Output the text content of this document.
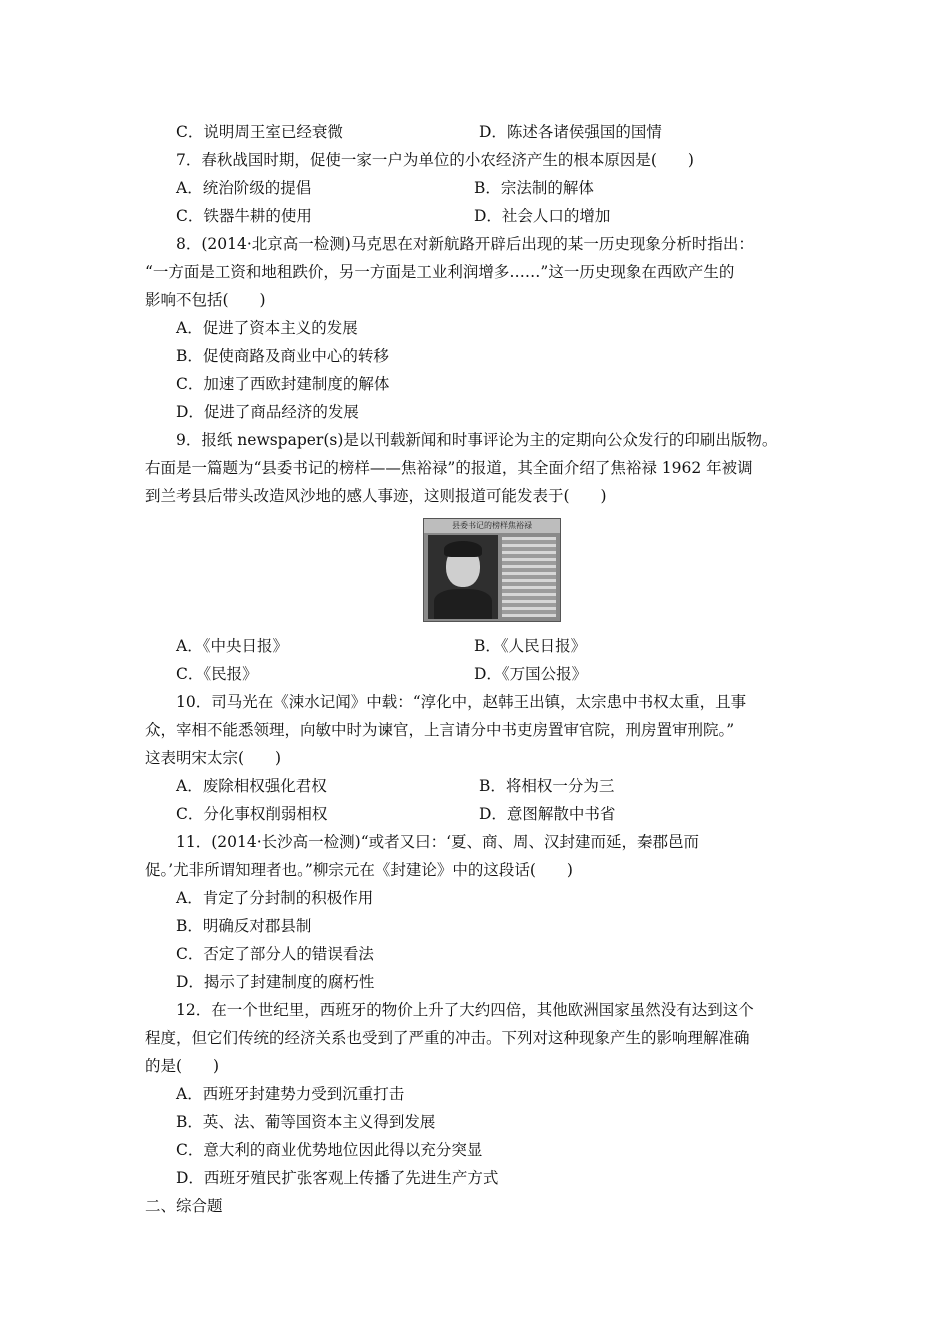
C．说明周王室已经衰微	D．陈述各诸侯强国的国情
7．春秋战国时期，促使一家一户为单位的小农经济产生的根本原因是(　　)
A．统治阶级的提倡	B．宗法制的解体
C．铁器牛耕的使用	D．社会人口的增加
8．(2014·北京高一检测)马克思在对新航路开辟后出现的某一历史现象分析时指出：
“一方面是工资和地租跌价，另一方面是工业利润增多……”这一历史现象在西欧产生的
影响不包括(　　)
A．促进了资本主义的发展
B．促使商路及商业中心的转移
C．加速了西欧封建制度的解体
D．促进了商品经济的发展
9．报纸 newspaper(s)是以刊载新闻和时事评论为主的定期向公众发行的印刷出版物。
右面是一篇题为“县委书记的榜样——焦裕禄”的报道，其全面介绍了焦裕禄 1962 年被调
到兰考县后带头改造风沙地的感人事迹，这则报道可能发表于(　　)
县委书记的榜样焦裕禄
A．《中央日报》	B．《人民日报》
C．《民报》	D．《万国公报》
10．司马光在《涑水记闻》中载：“淳化中，赵韩王出镇，太宗患中书权太重，且事
众，宰相不能悉领理，向敏中时为谏官，上言请分中书吏房置审官院，刑房置审刑院。”
这表明宋太宗(　　)
A．废除相权强化君权	B．将相权一分为三
C．分化事权削弱相权	D．意图解散中书省
11．(2014·长沙高一检测)“或者又曰：‘夏、商、周、汉封建而延，秦郡邑而
促。’尤非所谓知理者也。”柳宗元在《封建论》中的这段话(　　)
A．肯定了分封制的积极作用
B．明确反对郡县制
C．否定了部分人的错误看法
D．揭示了封建制度的腐朽性
12．在一个世纪里，西班牙的物价上升了大约四倍，其他欧洲国家虽然没有达到这个
程度，但它们传统的经济关系也受到了严重的冲击。下列对这种现象产生的影响理解准确
的是(　　)
A．西班牙封建势力受到沉重打击
B．英、法、葡等国资本主义得到发展
C．意大利的商业优势地位因此得以充分突显
D．西班牙殖民扩张客观上传播了先进生产方式
二、综合题
